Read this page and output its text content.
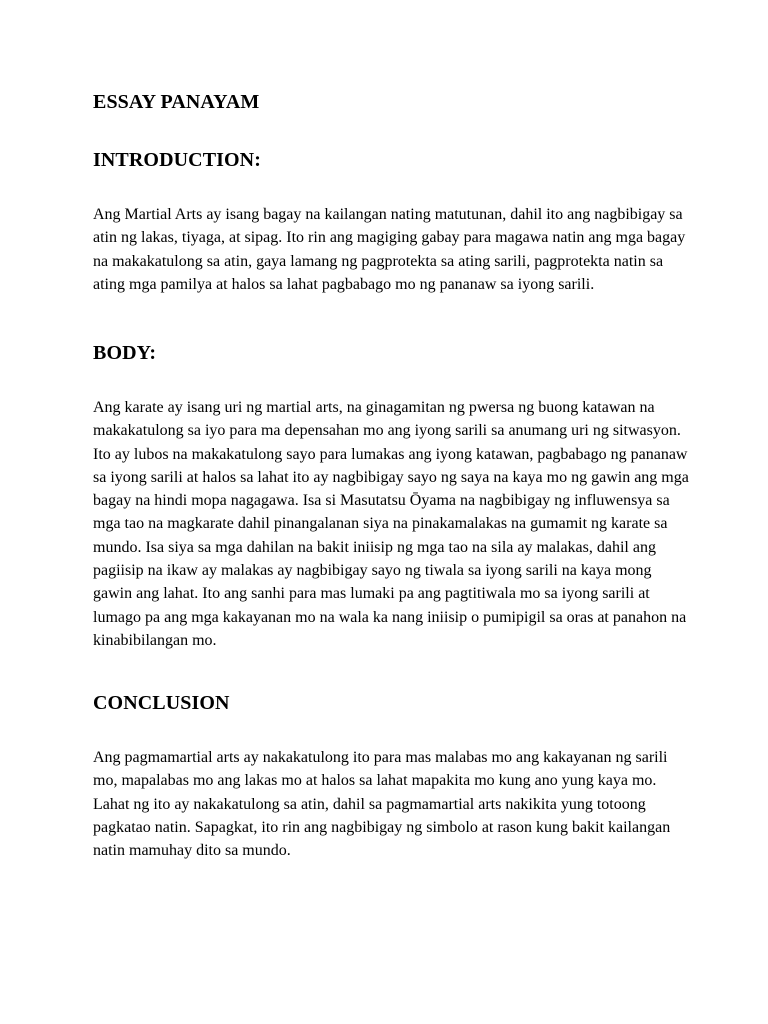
ESSAY PANAYAM
INTRODUCTION:

Ang Martial Arts ay isang bagay na kailangan nating matutunan, dahil ito ang nagbibigay sa atin ng lakas, tiyaga, at sipag. Ito rin ang magiging gabay para magawa natin ang mga bagay na makakatulong sa atin, gaya lamang ng pagprotekta sa ating sarili, pagprotekta natin sa ating mga pamilya at halos sa lahat pagbabago mo ng pananaw sa iyong sarili.

BODY:

Ang karate ay isang uri ng martial arts, na ginagamitan ng pwersa ng buong katawan na makakatulong sa iyo para ma depensahan mo ang iyong sarili sa anumang uri ng sitwasyon. Ito ay lubos na makakatulong sayo para lumakas ang iyong katawan, pagbabago ng pananaw sa iyong sarili at halos sa lahat ito ay nagbibigay sayo ng saya na kaya mo ng gawin ang mga bagay na hindi mopa nagagawa. Isa si Masutatsu Ōyama na nagbibigay ng influwensya sa mga tao na magkarate dahil pinangalanan siya na pinakamalakas na gumamit ng karate sa mundo. Isa siya sa mga dahilan na bakit iniisip ng mga tao na sila ay malakas, dahil ang pagiisip na ikaw ay malakas ay nagbibigay sayo ng tiwala sa iyong sarili na kaya mong gawin ang lahat. Ito ang sanhi para mas lumaki pa ang pagtitiwala mo sa iyong sarili at lumago pa ang mga kakayanan mo na wala ka nang iniisip o pumipigil sa oras at panahon na kinabibilangan mo.

CONCLUSION

Ang pagmamartial arts ay nakakatulong ito para mas malabas mo ang kakayanan ng sarili mo, mapalabas mo ang lakas mo at halos sa lahat mapakita mo kung ano yung kaya mo. Lahat ng ito ay nakakatulong sa atin, dahil sa pagmamartial arts nakikita yung totoong pagkatao natin. Sapagkat, ito rin ang nagbibigay ng simbolo at rason kung bakit kailangan natin mamuhay dito sa mundo.
